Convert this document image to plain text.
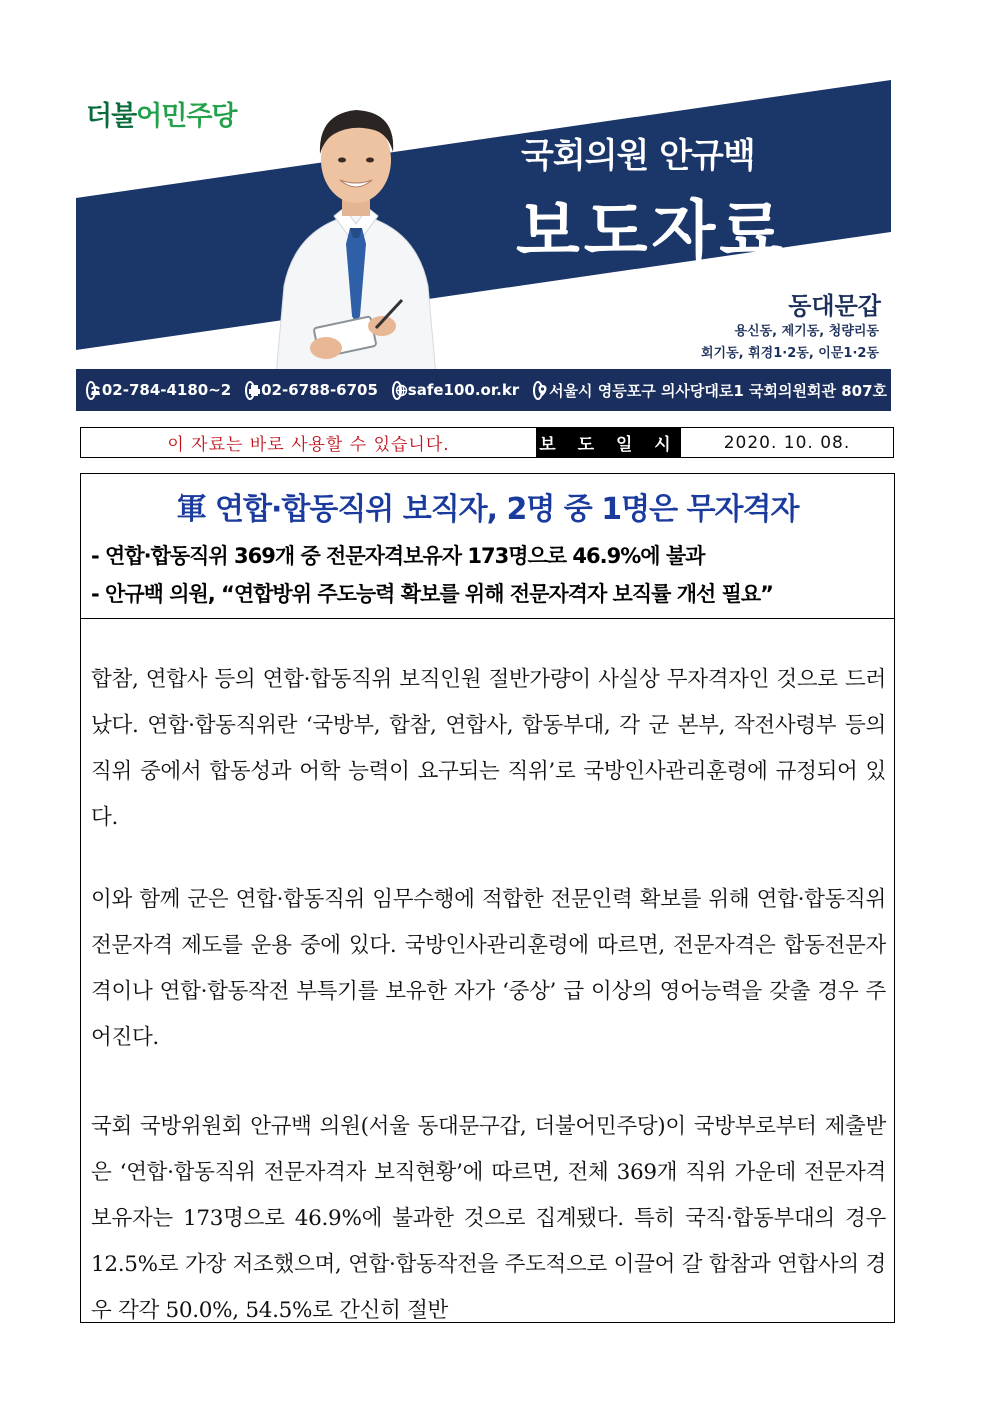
더불어민주당
국회의원 안규백
보도자료
동대문갑
용신동, 제기동, 청량리동
회기동, 휘경1·2동, 이문1·2동
02-784-4180~2 02-6788-6705 safe100.or.kr 서울시 영등포구 의사당대로1 국회의원회관 807호
이 자료는 바로 사용할 수 있습니다.	보 도 일 시	2020. 10. 08.
軍 연합·합동직위 보직자, 2명 중 1명은 무자격자
- 연합·합동직위 369개 중 전문자격보유자 173명으로 46.9%에 불과
- 안규백 의원, “연합방위 주도능력 확보를 위해 전문자격자 보직률 개선 필요”
합참, 연합사 등의 연합·합동직위 보직인원 절반가량이 사실상 무자격자인 것으로 드러났다. 연합·합동직위란 ‘국방부, 합참, 연합사, 합동부대, 각 군 본부, 작전사령부 등의 직위 중에서 합동성과 어학 능력이 요구되는 직위’로 국방인사관리훈령에 규정되어 있다.
이와 함께 군은 연합·합동직위 임무수행에 적합한 전문인력 확보를 위해 연합·합동직위 전문자격 제도를 운용 중에 있다. 국방인사관리훈령에 따르면, 전문자격은 합동전문자격이나 연합·합동작전 부특기를 보유한 자가 ‘중상’ 급 이상의 영어능력을 갖출 경우 주어진다.
국회 국방위원회 안규백 의원(서울 동대문구갑, 더불어민주당)이 국방부로부터 제출받은 ‘연합·합동직위 전문자격자 보직현황’에 따르면, 전체 369개 직위 가운데 전문자격 보유자는 173명으로 46.9%에 불과한 것으로 집계됐다. 특히 국직·합동부대의 경우 12.5%로 가장 저조했으며, 연합·합동작전을 주도적으로 이끌어 갈 합참과 연합사의 경우 각각 50.0%, 54.5%로 간신히 절반
